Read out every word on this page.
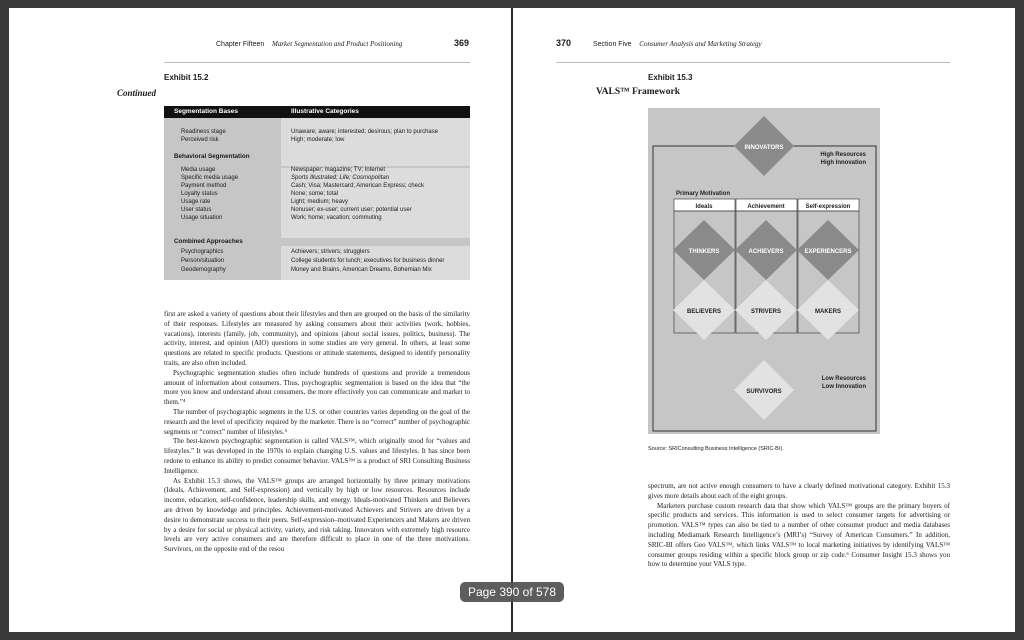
Chapter Fifteen Market Segmentation and Product Positioning	369
Exhibit 15.2
Continued
Segmentation Bases	Illustrative Categories
Readiness stage	Unaware; aware; interested; desirous; plan to purchase
Perceived risk	High; moderate; low
Behavioral Segmentation
Media usage	Newspaper; magazine; TV; Internet
Specific media usage	Sports Illustrated; Life; Cosmopolitan
Payment method	Cash; Visa; Mastercard; American Express; check
Loyalty status	None; some; total
Usage rate	Light; medium; heavy
User status	Nonuser; ex-user; current user; potential user
Usage situation	Work; home; vacation; commuting
Combined Approaches
Psychographics	Achievers; strivers; strugglers
Person/situation	College students for lunch; executives for business dinner
Geodemography	Money and Brains, American Dreams, Bohemian Mix

first are asked a variety of questions about their lifestyles and then are grouped on the basis of the similarity of their responses. Lifestyles are measured by asking consumers about their activities (work, hobbies, vacations), interests (family, job, community), and opinions (about social issues, politics, business). The activity, interest, and opinion (AIO) questions in some studies are very general. In others, at least some questions are related to specific products. Questions or attitude statements, designed to identify personality traits, are also often included.

Psychographic segmentation studies often include hundreds of questions and provide a tremendous amount of information about consumers. Thus, psychographic segmentation is based on the idea that “the more you know and understand about consumers, the more effectively you can communicate and market to them.”⁴

The number of psychographic segments in the U.S. or other countries varies depending on the goal of the research and the level of specificity required by the marketer. There is no “correct” number of psychographic segments or “correct” number of lifestyles.⁵

The best-known psychographic segmentation is called VALS™, which originally stood for “values and lifestyles.” It was developed in the 1970s to explain changing U.S. values and lifestyles. It has since been redone to enhance its ability to predict consumer behavior. VALS™ is a product of SRI Consulting Business Intelligence.

As Exhibit 15.3 shows, the VALS™ groups are arranged horizontally by three primary motivations (Ideals, Achievement, and Self-expression) and vertically by high or low resources. Resources include income, education, self-confidence, leadership skills, and energy. Ideals-motivated Thinkers and Believers are driven by knowledge and principles. Achievement-motivated Achievers and Strivers are driven by a desire to demonstrate success to their peers. Self-expression–motivated Experiencers and Makers are driven by a desire for social or physical activity, variety, and risk taking. Innovators with extremely high resource levels are very active consumers and are therefore difficult to place in one of the three motivations. Survivors, on the opposite end of the resou

370	Section Five Consumer Analysis and Marketing Strategy
Exhibit 15.3
VALS™ Framework
INNOVATORS
High Resources
High Innovation
Primary Motivation
Ideals	Achievement	Self-expression
THINKERS	ACHIEVERS	EXPERIENCERS
BELIEVERS	STRIVERS	MAKERS
SURVIVORS
Low Resources
Low Innovation
Source: SRIConsulting Business Intelligence (SRIC-BI).

spectrum, are not active enough consumers to have a clearly defined motivational category. Exhibit 15.3 gives more details about each of the eight groups.

Marketers purchase custom research data that show which VALS™ groups are the primary buyers of specific products and services. This information is used to select consumer targets for advertising or promotion. VALS™ types can also be tied to a number of other consumer product and media databases including Mediamark Research Intelligence’s (MRI’s) “Survey of American Consumers.” In addition, SRIC-BI offers Geo VALS™, which links VALS™ to local marketing initiatives by identifying VALS™ consumer groups residing within a specific block group or zip code.⁶ Consumer Insight 15.3 shows you how to determine your VALS type.

Page 390 of 578
